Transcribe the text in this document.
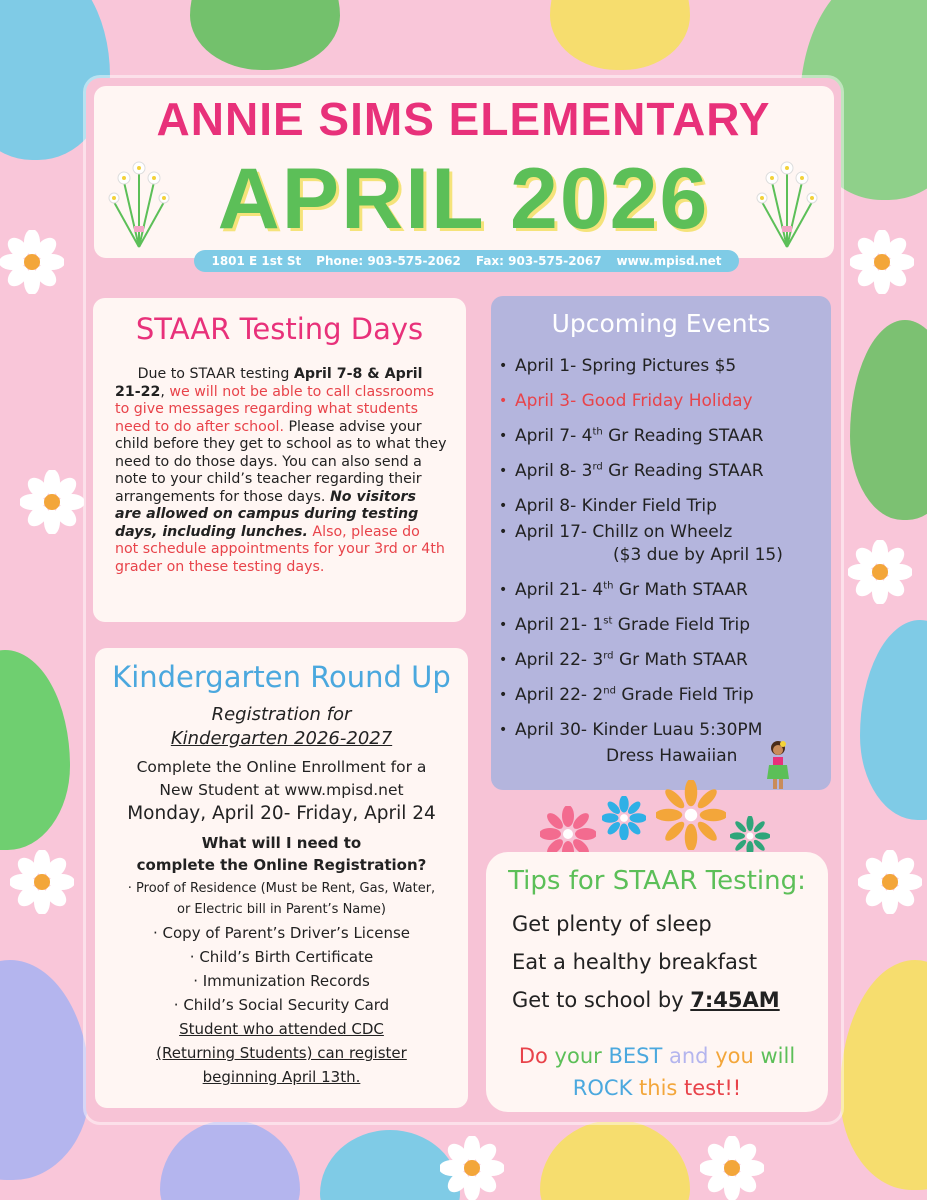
ANNIE SIMS ELEMENTARY
APRIL 2026
1801 E 1st St Phone: 903-575-2062 Fax: 903-575-2067 www.mpisd.net
STAAR Testing Days
Due to STAAR testing April 7-8 & April 21-22, we will not be able to call classrooms to give messages regarding what students need to do after school. Please advise your child before they get to school as to what they need to do those days. You can also send a note to your child’s teacher regarding their arrangements for those days. No visitors are allowed on campus during testing days, including lunches. Also, please do not schedule appointments for your 3rd or 4th grader on these testing days.
Upcoming Events
• April 1- Spring Pictures $5
• April 3- Good Friday Holiday
• April 7- 4th Gr Reading STAAR
• April 8- 3rd Gr Reading STAAR
• April 8- Kinder Field Trip
• April 17- Chillz on Wheelz
($3 due by April 15)
• April 21- 4th Gr Math STAAR
• April 21- 1st Grade Field Trip
• April 22- 3rd Gr Math STAAR
• April 22- 2nd Grade Field Trip
• April 30- Kinder Luau 5:30PM
Dress Hawaiian
Kindergarten Round Up
Registration for
Kindergarten 2026-2027
Complete the Online Enrollment for a
New Student at www.mpisd.net
Monday, April 20- Friday, April 24
What will I need to
complete the Online Registration?
· Proof of Residence (Must be Rent, Gas, Water,
or Electric bill in Parent’s Name)
· Copy of Parent’s Driver’s License
· Child’s Birth Certificate
· Immunization Records
· Child’s Social Security Card
Student who attended CDC
(Returning Students) can register
beginning April 13th.
Tips for STAAR Testing:
Get plenty of sleep
Eat a healthy breakfast
Get to school by 7:45AM
Do your BEST and you will
ROCK this test!!
